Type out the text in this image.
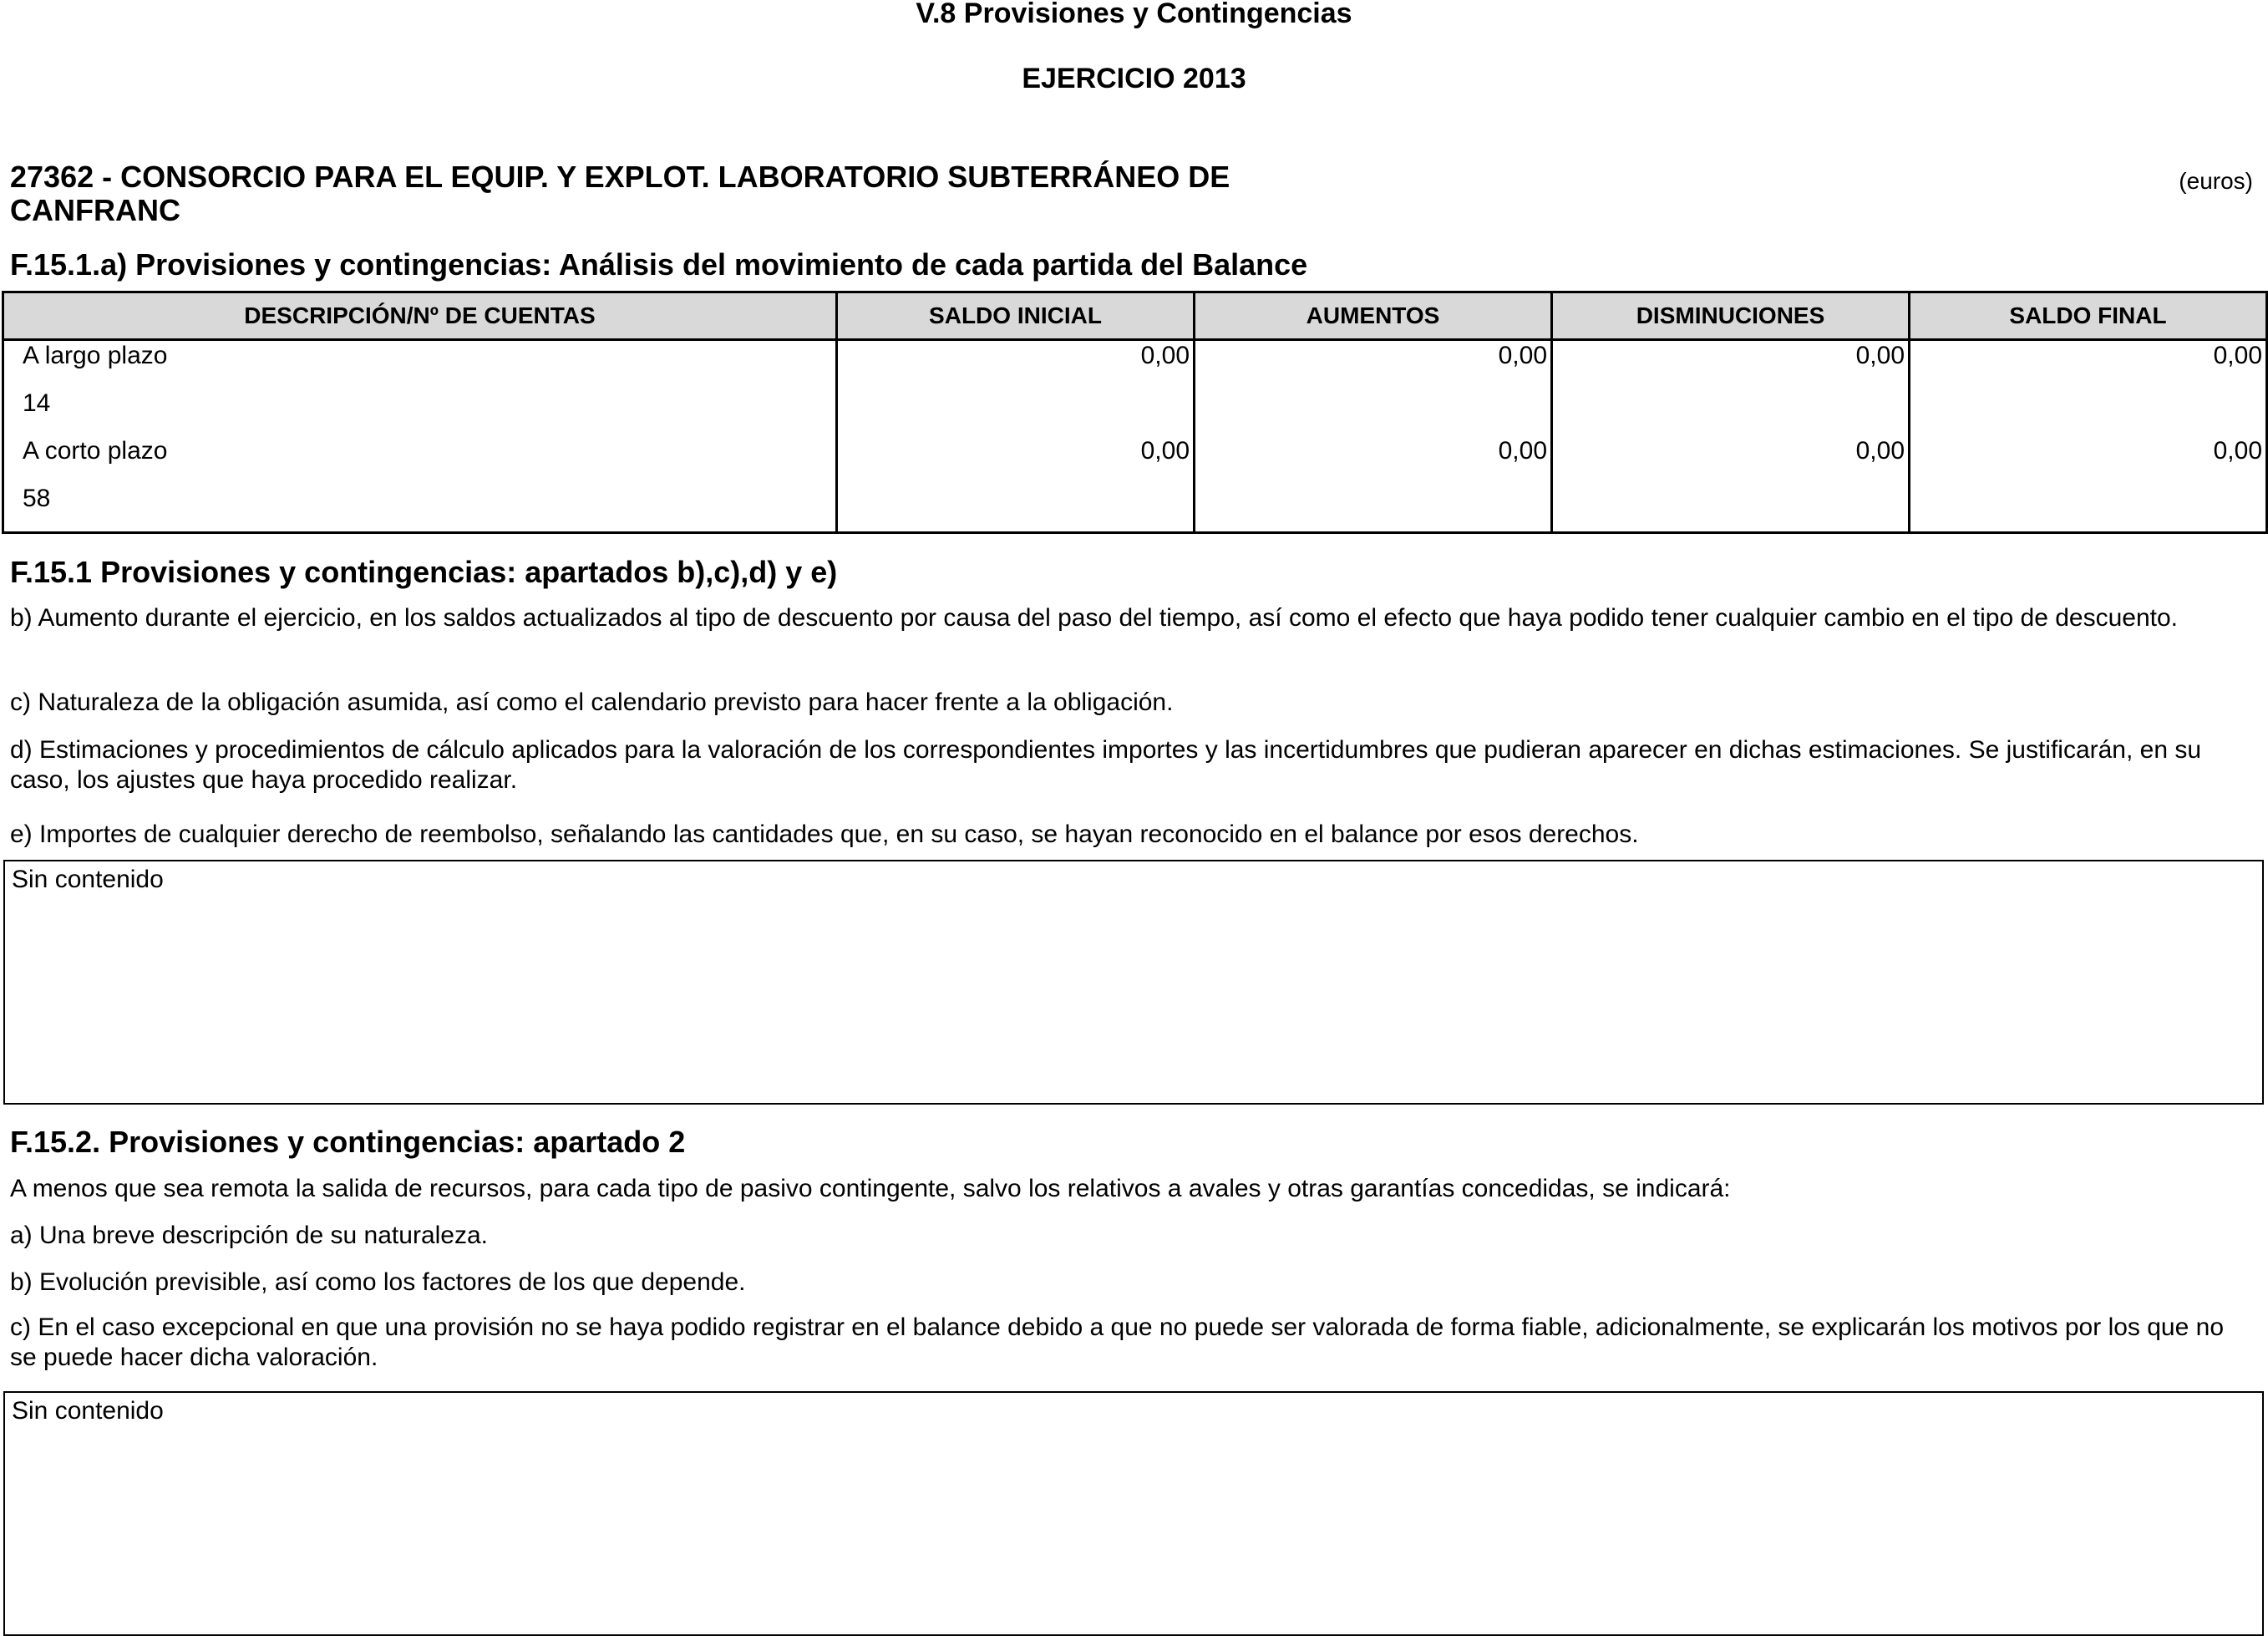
V.8 Provisiones y Contingencias
EJERCICIO 2013
27362 - CONSORCIO PARA EL EQUIP. Y EXPLOT. LABORATORIO SUBTERRÁNEO DE CANFRANC
(euros)
F.15.1.a) Provisiones y contingencias: Análisis del movimiento de cada partida del Balance
DESCRIPCIÓN/Nº DE CUENTAS	SALDO INICIAL	AUMENTOS	DISMINUCIONES	SALDO FINAL
A largo plazo	0,00	0,00	0,00	0,00
14				
A corto plazo	0,00	0,00	0,00	0,00
58				
F.15.1 Provisiones y contingencias: apartados b),c),d) y e)
b) Aumento durante el ejercicio, en los saldos actualizados al tipo de descuento por causa del paso del tiempo, así como el efecto que haya podido tener cualquier cambio en el tipo de descuento.
c) Naturaleza de la obligación asumida, así como el calendario previsto para hacer frente a la obligación.
d) Estimaciones y procedimientos de cálculo aplicados para la valoración de los correspondientes importes y las incertidumbres que pudieran aparecer en dichas estimaciones. Se justificarán, en su caso, los ajustes que haya procedido realizar.
e) Importes de cualquier derecho de reembolso, señalando las cantidades que, en su caso, se hayan reconocido en el balance por esos derechos.
Sin contenido
F.15.2. Provisiones y contingencias: apartado 2
A menos que sea remota la salida de recursos, para cada tipo de pasivo contingente, salvo los relativos a avales y otras garantías concedidas, se indicará:
a) Una breve descripción de su naturaleza.
b) Evolución previsible, así como los factores de los que depende.
c) En el caso excepcional en que una provisión no se haya podido registrar en el balance debido a que no puede ser valorada de forma fiable, adicionalmente, se explicarán los motivos por los que no se puede hacer dicha valoración.
Sin contenido
